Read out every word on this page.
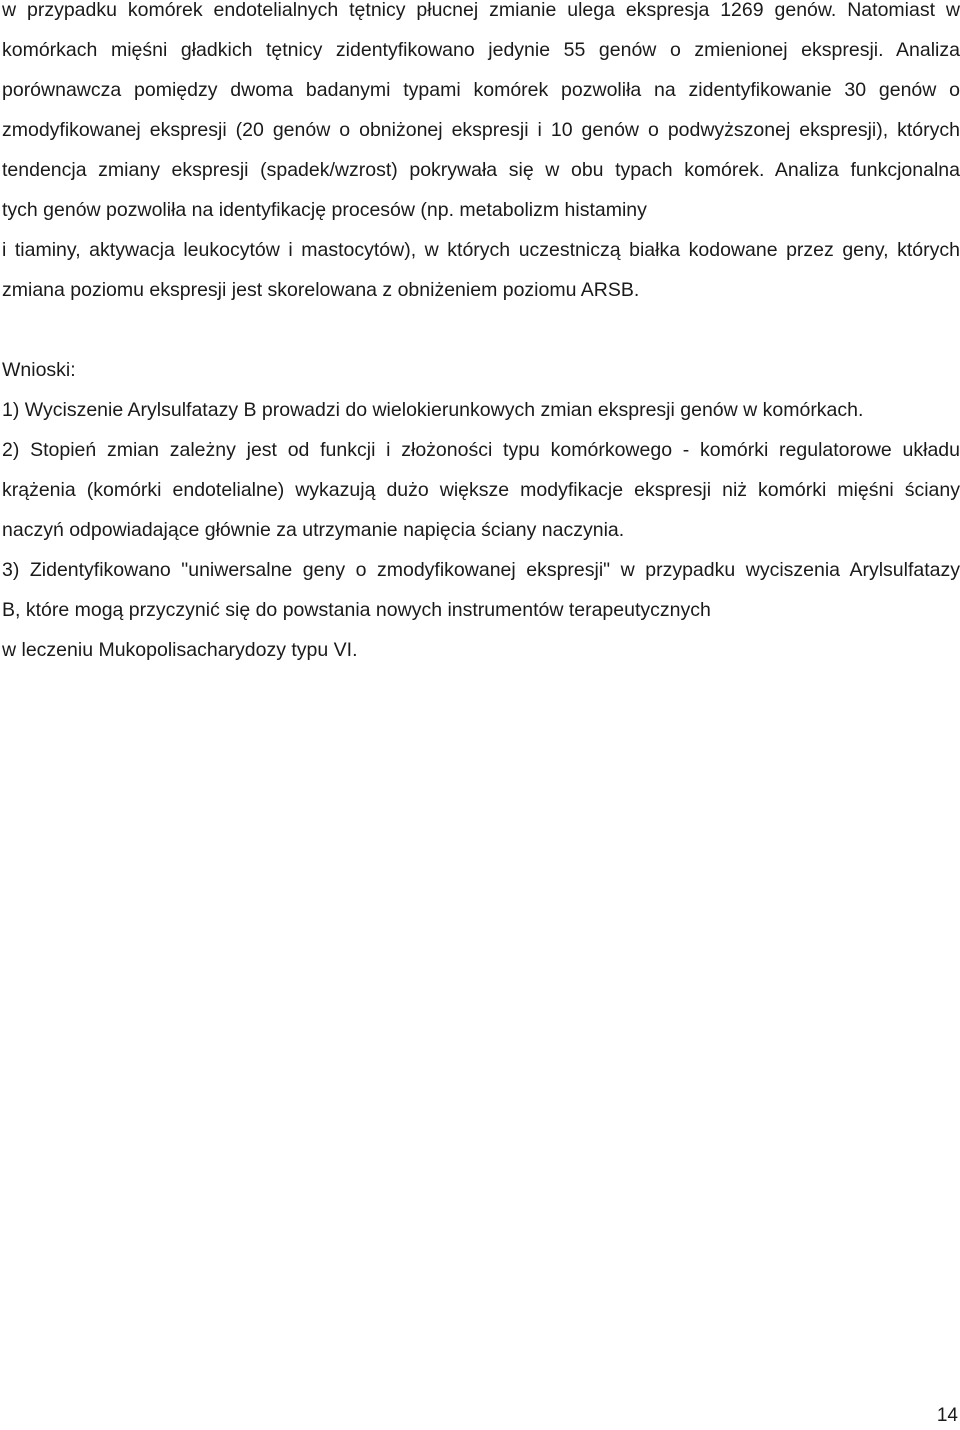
w przypadku komórek endotelialnych tętnicy płucnej zmianie ulega ekspresja 1269 genów. Natomiast w
komórkach mięśni gładkich tętnicy zidentyfikowano jedynie 55 genów o zmienionej ekspresji. Analiza
porównawcza pomiędzy dwoma badanymi typami komórek pozwoliła na zidentyfikowanie 30 genów o
zmodyfikowanej ekspresji (20 genów o obniżonej ekspresji i 10 genów o podwyższonej ekspresji), których
tendencja zmiany ekspresji (spadek/wzrost) pokrywała się w obu typach komórek. Analiza funkcjonalna
tych genów pozwoliła na identyfikację procesów (np. metabolizm histaminy
i tiaminy, aktywacja leukocytów i mastocytów), w których uczestniczą białka kodowane przez geny, których
zmiana poziomu ekspresji jest skorelowana z obniżeniem poziomu ARSB.
Wnioski:
1) Wyciszenie Arylsulfatazy B prowadzi do wielokierunkowych zmian ekspresji genów w komórkach.
2) Stopień zmian zależny jest od funkcji i złożoności typu komórkowego - komórki regulatorowe układu
krążenia (komórki endotelialne) wykazują dużo większe modyfikacje ekspresji niż komórki mięśni ściany
naczyń odpowiadające głównie za utrzymanie napięcia ściany naczynia.
3) Zidentyfikowano "uniwersalne geny o zmodyfikowanej ekspresji" w przypadku wyciszenia Arylsulfatazy
B, które mogą przyczynić się do powstania nowych instrumentów terapeutycznych
w leczeniu Mukopolisacharydozy typu VI.
14
